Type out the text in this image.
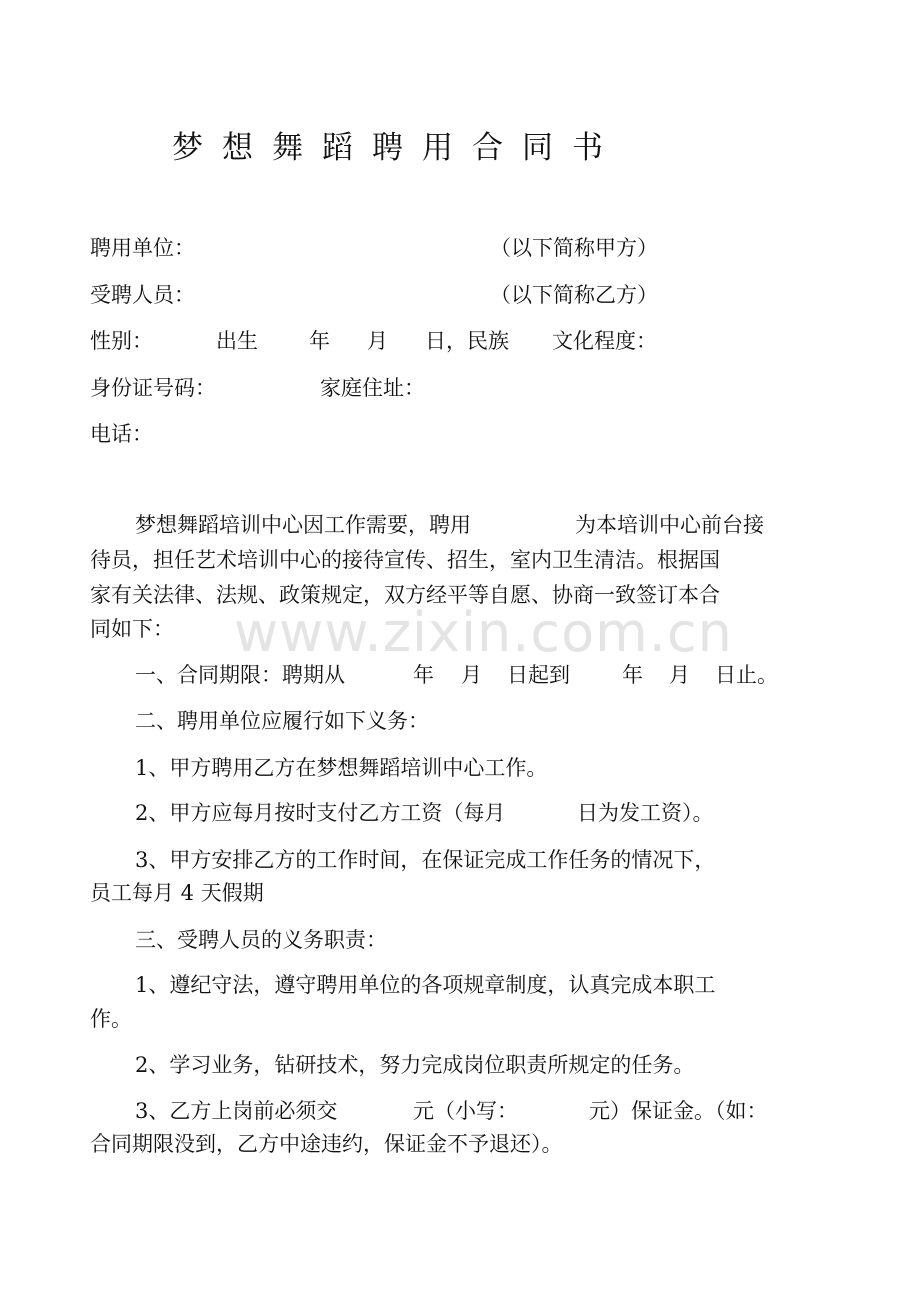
梦想舞蹈聘用合同书
聘用单位：	（以下简称甲方）
受聘人员：	（以下简称乙方）
性别：	出生 年 月 日，民族 文化程度：
身份证号码：	家庭住址：
电话：
梦想舞蹈培训中心因工作需要，聘用	为本培训中心前台接
待员，担任艺术培训中心的接待宣传、招生，室内卫生清洁。根据国
家有关法律、法规、政策规定，双方经平等自愿、协商一致签订本合
同如下： www.zixin.com.cn
一、合同期限：聘期从	年 月 日起到 年 月 日止。
二、聘用单位应履行如下义务：
1、甲方聘用乙方在梦想舞蹈培训中心工作。
2、甲方应每月按时支付乙方工资（每月	日为发工资）。
3、甲方安排乙方的工作时间，在保证完成工作任务的情况下，
员工每月 4 天假期
三、受聘人员的义务职责：
1、遵纪守法，遵守聘用单位的各项规章制度，认真完成本职工
作。
2、学习业务，钻研技术，努力完成岗位职责所规定的任务。
3、乙方上岗前必须交	元（小写：	元）保证金。（如：
合同期限没到，乙方中途违约，保证金不予退还）。
